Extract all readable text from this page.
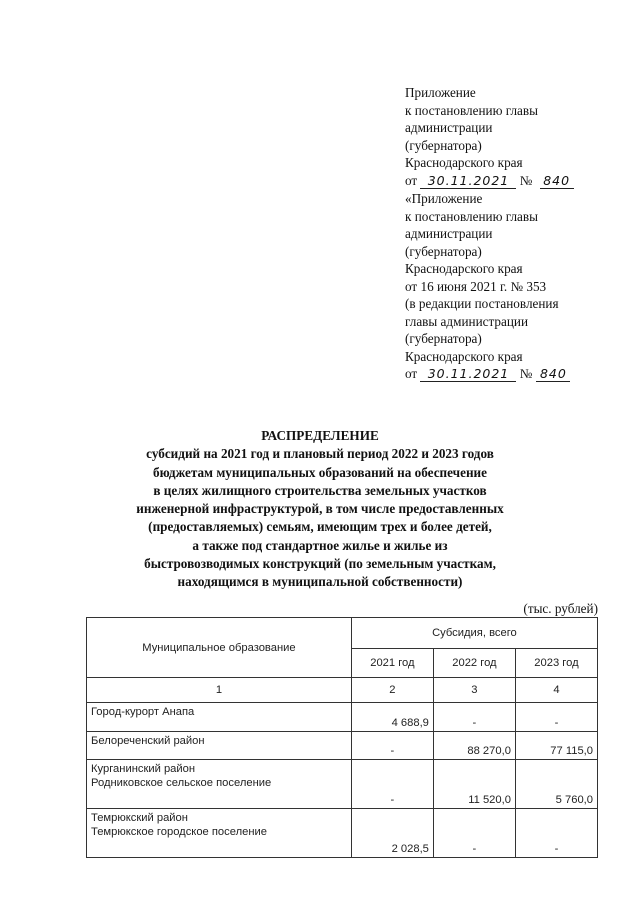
Приложение
к постановлению главы
администрации
(губернатора)
Краснодарского края
от 30.11.2021 № 840
«Приложение
к постановлению главы
администрации
(губернатора)
Краснодарского края
от 16 июня 2021 г. № 353
(в редакции постановления
главы администрации
(губернатора)
Краснодарского края
от 30.11.2021 № 840
РАСПРЕДЕЛЕНИЕ
субсидий на 2021 год и плановый период 2022 и 2023 годов
бюджетам муниципальных образований на обеспечение
в целях жилищного строительства земельных участков
инженерной инфраструктурой, в том числе предоставленных
(предоставляемых) семьям, имеющим трех и более детей,
а также под стандартное жилье и жилье из
быстровозводимых конструкций (по земельным участкам,
находящимся в муниципальной собственности)
(тыс. рублей)
Муниципальное образование	Субсидия, всего		
	2021 год	2022 год	2023 год
1	2	3	4

Город-курорт Анапа	4 688,9	-	-

Белореченский район	-	88 270,0	77 115,0

Курганинский район
Родниковское сельское поселение	-	11 520,0	5 760,0

Темрюкский район
Темрюкское городское поселение	2 028,5	-	-
